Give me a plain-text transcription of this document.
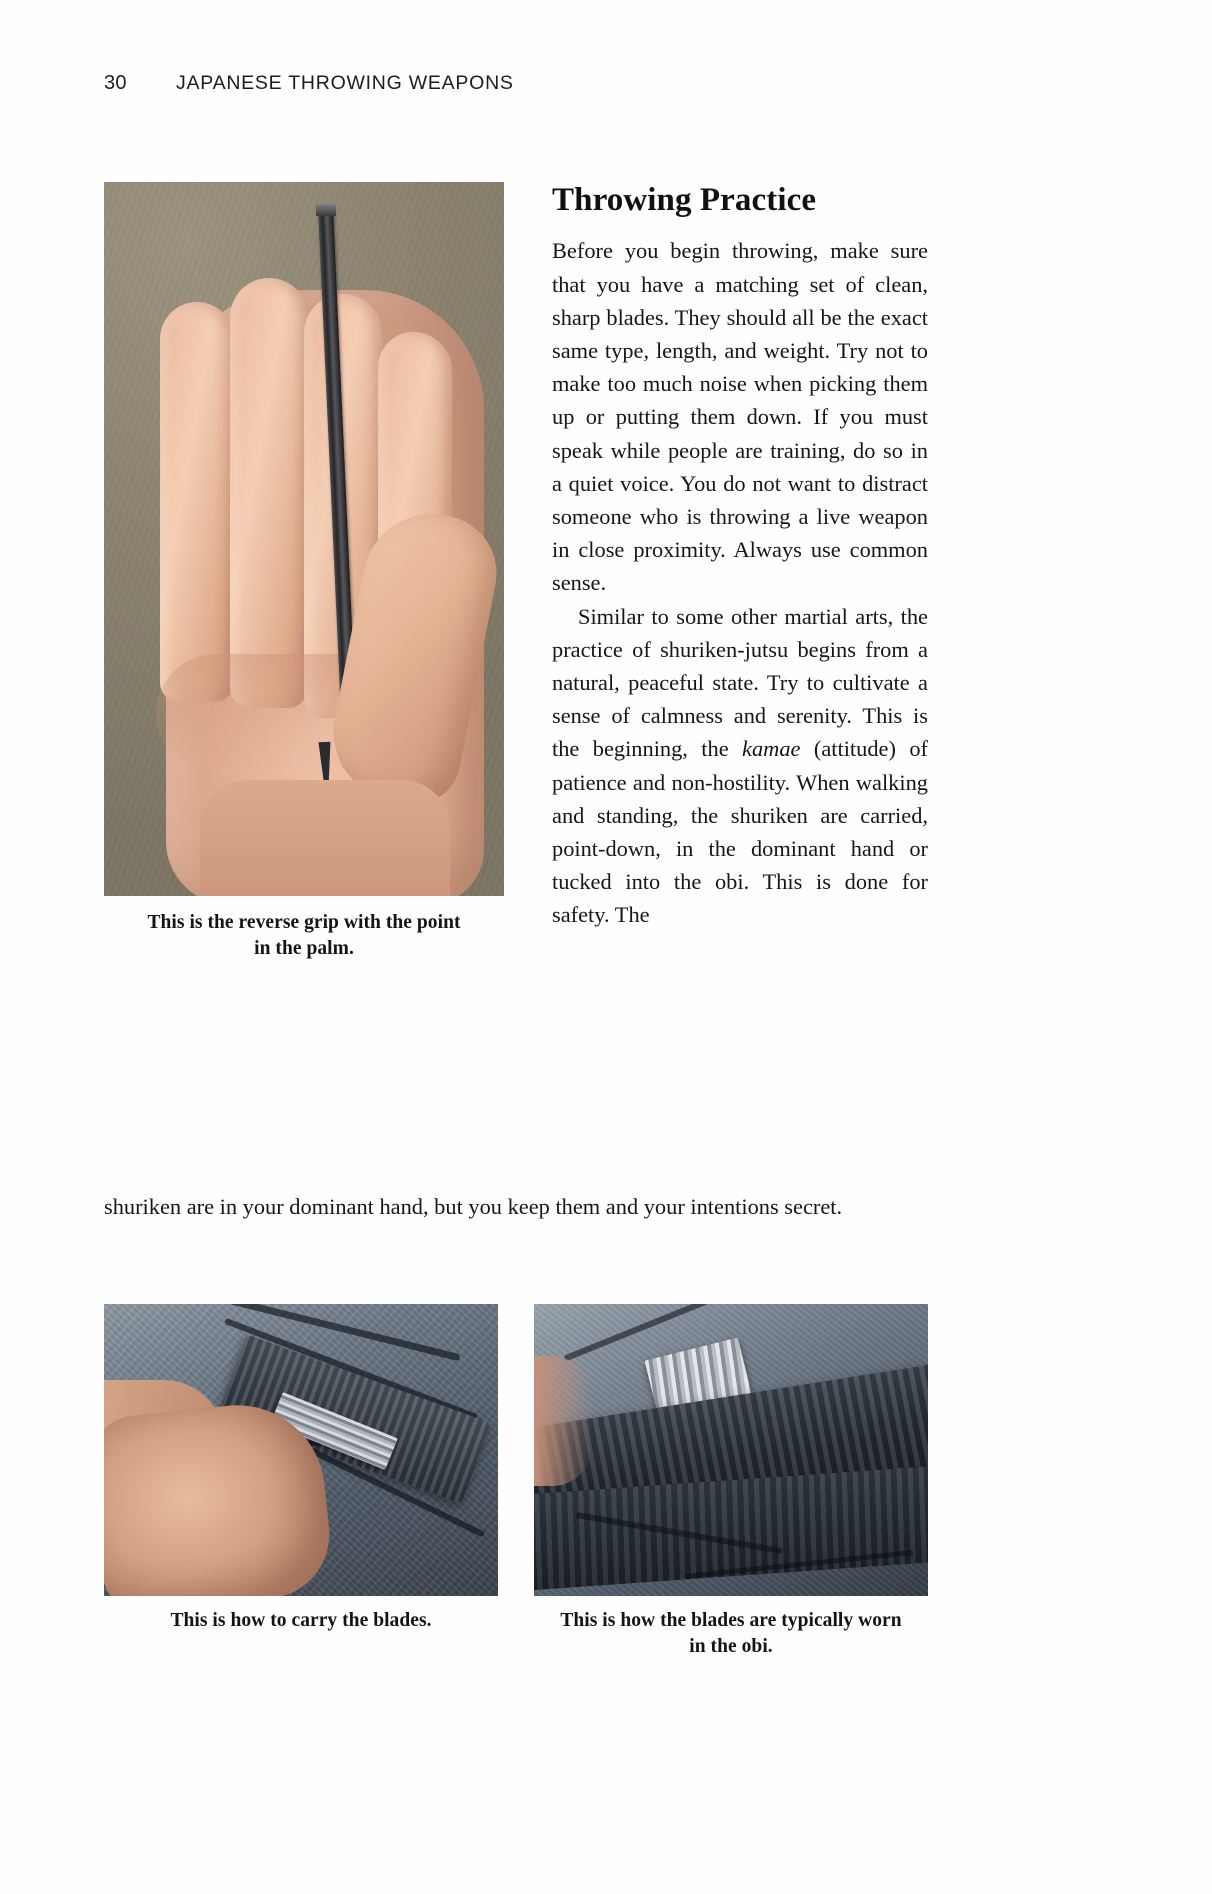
30	JAPANESE THROWING WEAPONS
This is the reverse grip with the point
in the palm.
Throwing Practice

Before you begin throwing, make sure that you have a matching set of clean, sharp blades. They should all be the exact same type, length, and weight. Try not to make too much noise when picking them up or putting them down. If you must speak while people are training, do so in a quiet voice. You do not want to distract someone who is throwing a live weapon in close proximity. Always use common sense.

Similar to some other martial arts, the practice of shuriken-jutsu begins from a natural, peaceful state. Try to cultivate a sense of calmness and serenity. This is the beginning, the kamae (attitude) of patience and non-hostility. When walking and standing, the shuriken are carried, point-down, in the dominant hand or tucked into the obi. This is done for safety. The

shuriken are in your dominant hand, but you keep them and your intentions secret.

This is how to carry the blades.	This is how the blades are typically worn
in the obi.
